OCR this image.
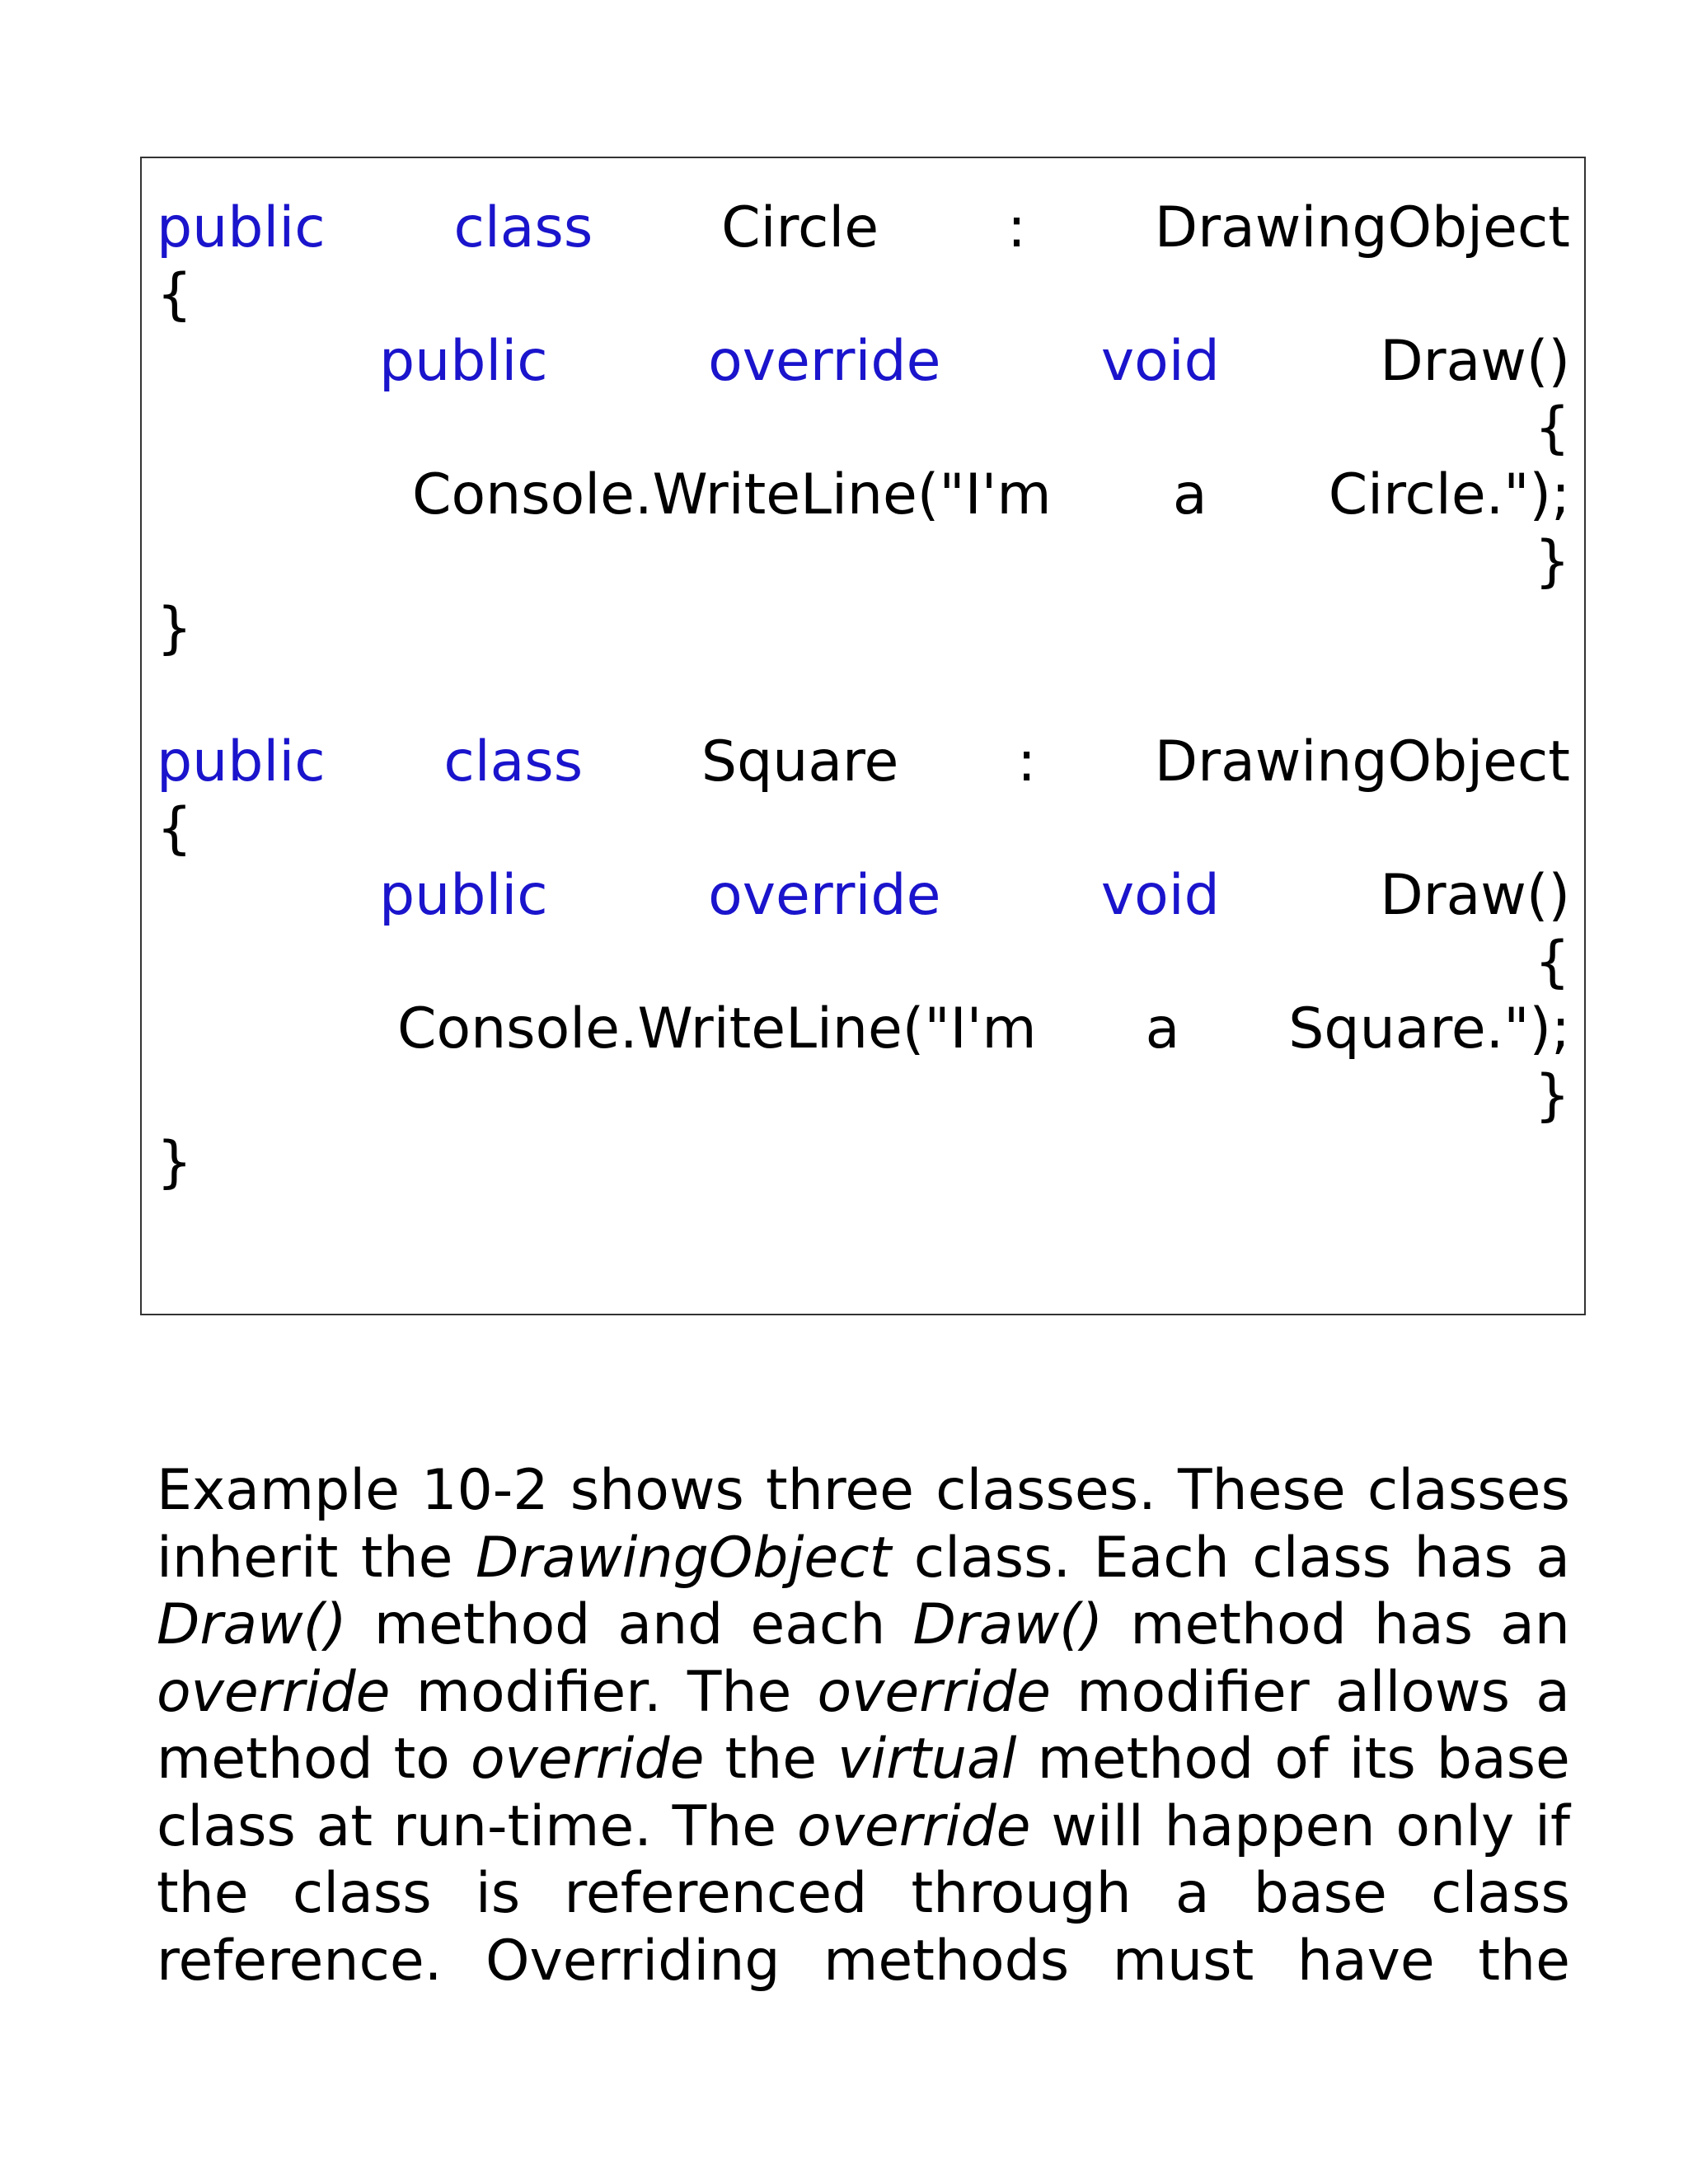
public class Circle : DrawingObject
{
public	override	void	Draw()
{
Console.WriteLine("I'm a Circle.");
}
}
public class Square : DrawingObject
{
public	override	void	Draw()
{
Console.WriteLine("I'm a Square.");
}
}
Example 10-2 shows three classes. These classes
inherit the DrawingObject class. Each class has a
Draw() method and each Draw() method has an
override modifier. The override modifier allows a
method to override the virtual method of its base
class at run-time. The override will happen only if
the class is referenced through a base class
reference. Overriding methods must have the
